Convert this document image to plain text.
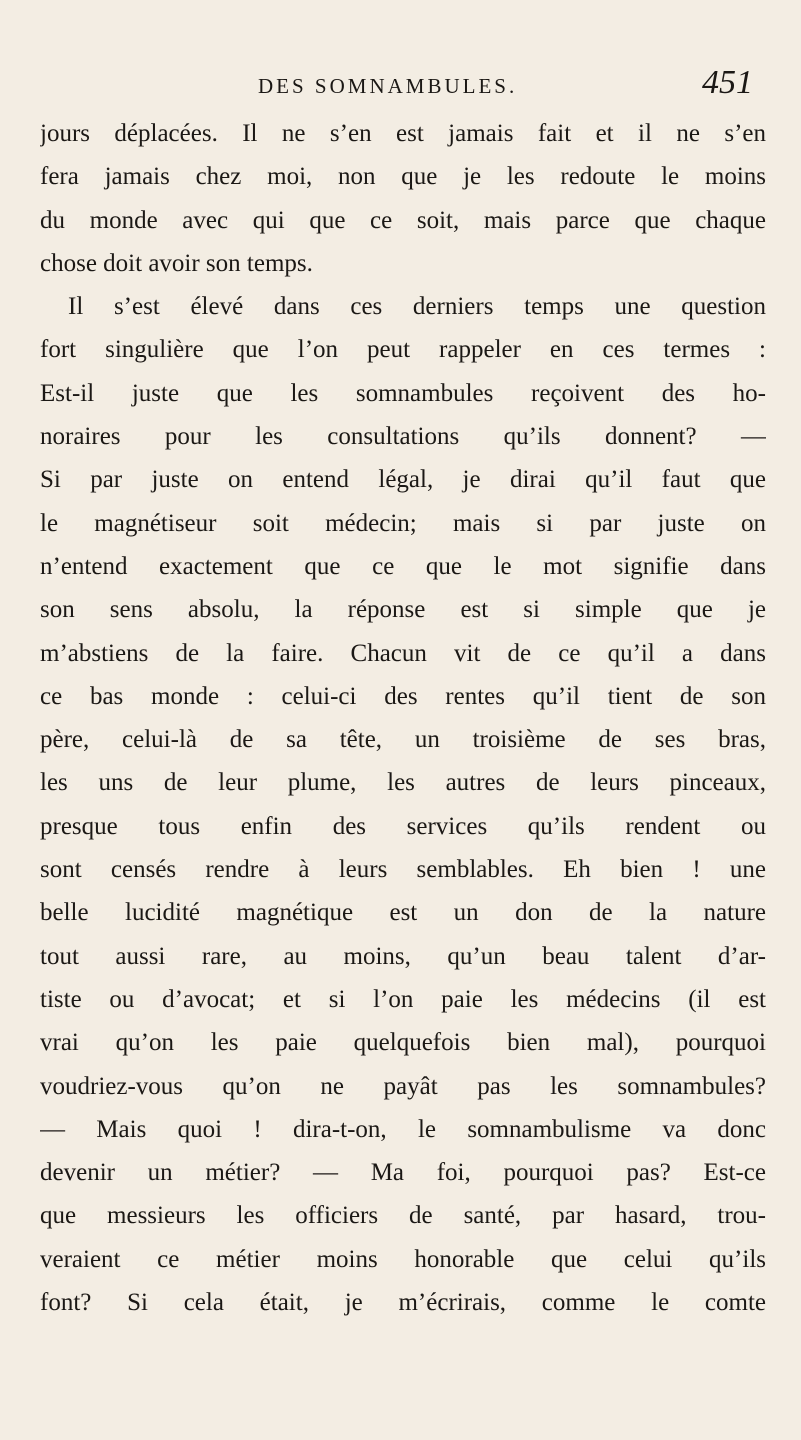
DES SOMNAMBULES.	451
jours déplacées. Il ne s’en est jamais fait et il ne s’en
fera jamais chez moi, non que je les redoute le moins
du monde avec qui que ce soit, mais parce que chaque
chose doit avoir son temps.
Il s’est élevé dans ces derniers temps une question
fort singulière que l’on peut rappeler en ces termes :
Est-il juste que les somnambules reçoivent des ho-
noraires pour les consultations qu’ils donnent? —
Si par juste on entend légal, je dirai qu’il faut que
le magnétiseur soit médecin; mais si par juste on
n’entend exactement que ce que le mot signifie dans
son sens absolu, la réponse est si simple que je
m’abstiens de la faire. Chacun vit de ce qu’il a dans
ce bas monde : celui-ci des rentes qu’il tient de son
père, celui-là de sa tête, un troisième de ses bras,
les uns de leur plume, les autres de leurs pinceaux,
presque tous enfin des services qu’ils rendent ou
sont censés rendre à leurs semblables. Eh bien ! une
belle lucidité magnétique est un don de la nature
tout aussi rare, au moins, qu’un beau talent d’ar-
tiste ou d’avocat; et si l’on paie les médecins (il est
vrai qu’on les paie quelquefois bien mal), pourquoi
voudriez-vous qu’on ne payât pas les somnambules?
— Mais quoi ! dira-t-on, le somnambulisme va donc
devenir un métier? — Ma foi, pourquoi pas? Est-ce
que messieurs les officiers de santé, par hasard, trou-
veraient ce métier moins honorable que celui qu’ils
font? Si cela était, je m’écrirais, comme le comte
